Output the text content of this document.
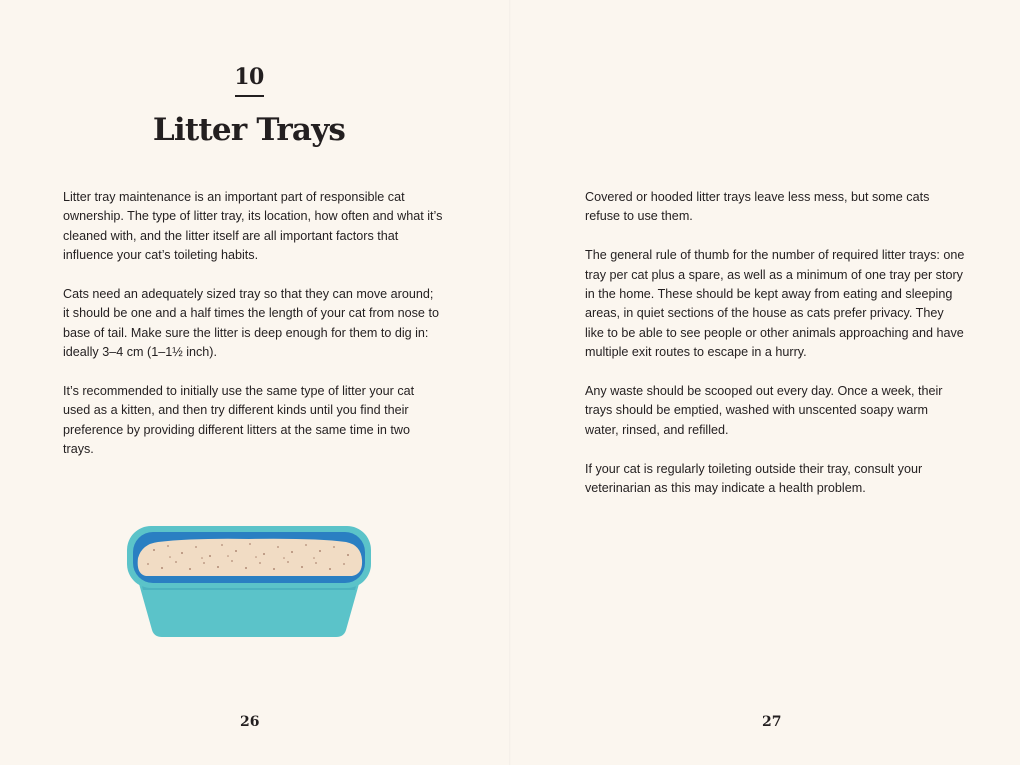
10
Litter Trays

Litter tray maintenance is an important part of responsible cat ownership. The type of litter tray, its location, how often and what it’s cleaned with, and the litter itself are all important factors that influence your cat’s toileting habits.

Cats need an adequately sized tray so that they can move around; it should be one and a half times the length of your cat from nose to base of tail. Make sure the litter is deep enough for them to dig in: ideally 3–4 cm (1–1½ inch).

It’s recommended to initially use the same type of litter your cat used as a kitten, and then try different kinds until you find their preference by providing different litters at the same time in two trays.

26

Covered or hooded litter trays leave less mess, but some cats refuse to use them.

The general rule of thumb for the number of required litter trays: one tray per cat plus a spare, as well as a minimum of one tray per story in the home. These should be kept away from eating and sleeping areas, in quiet sections of the house as cats prefer privacy. They like to be able to see people or other animals approaching and have multiple exit routes to escape in a hurry.

Any waste should be scooped out every day. Once a week, their trays should be emptied, washed with unscented soapy warm water, rinsed, and refilled.

If your cat is regularly toileting outside their tray, consult your veterinarian as this may indicate a health problem.

27
